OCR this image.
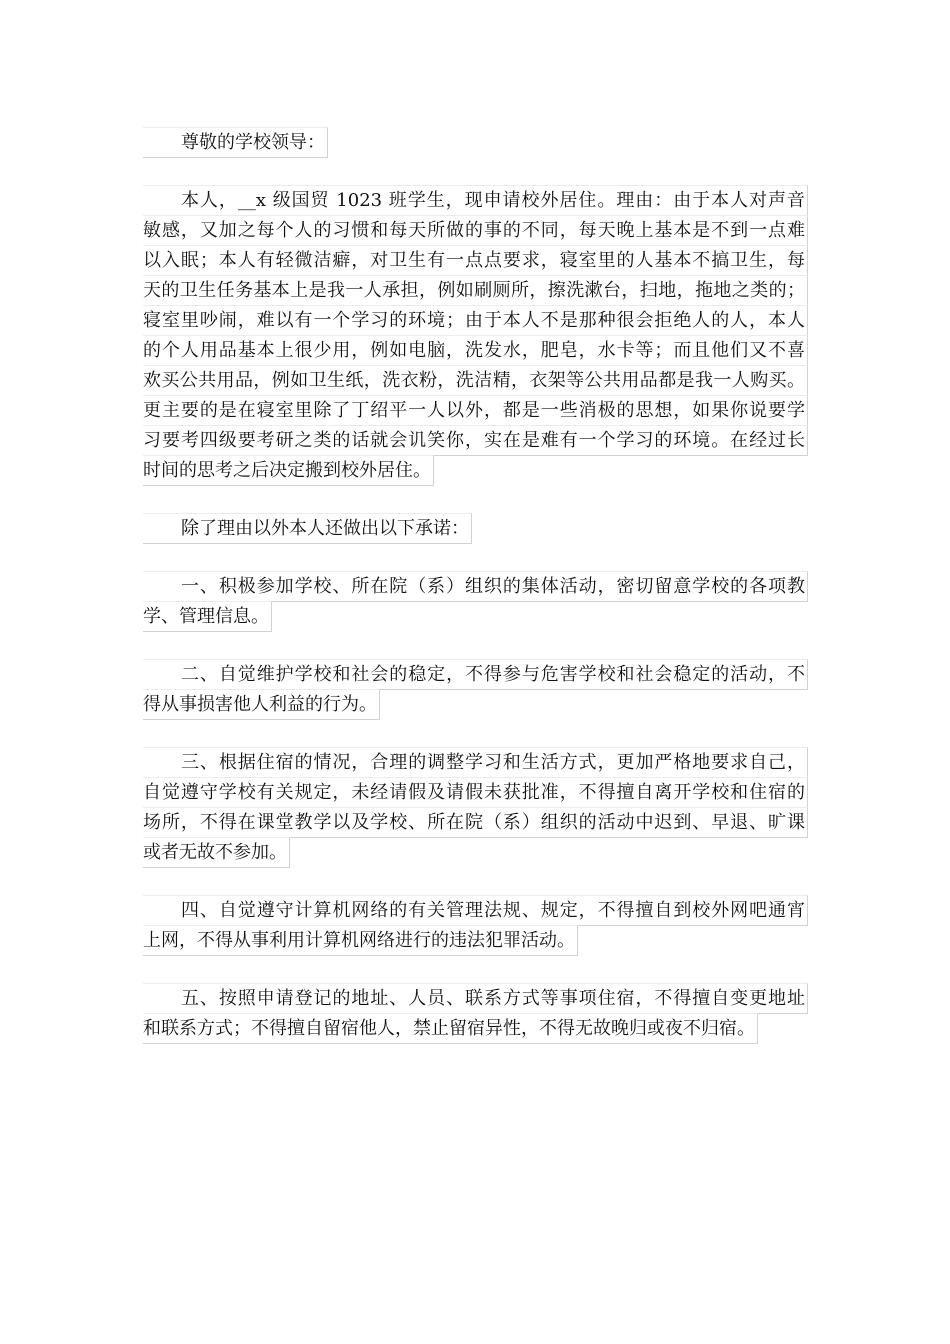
尊敬的学校领导：

本人，__x 级国贸 1023 班学生，现申请校外居住。理由：由于本人对声音
敏感，又加之每个人的习惯和每天所做的事的不同，每天晚上基本是不到一点难
以入眠；本人有轻微洁癖，对卫生有一点点要求，寝室里的人基本不搞卫生，每
天的卫生任务基本上是我一人承担，例如刷厕所，擦洗漱台，扫地，拖地之类的；
寝室里吵闹，难以有一个学习的环境；由于本人不是那种很会拒绝人的人，本人
的个人用品基本上很少用，例如电脑，洗发水，肥皂，水卡等；而且他们又不喜
欢买公共用品，例如卫生纸，洗衣粉，洗洁精，衣架等公共用品都是我一人购买。
更主要的是在寝室里除了丁绍平一人以外，都是一些消极的思想，如果你说要学
习要考四级要考研之类的话就会讥笑你，实在是难有一个学习的环境。在经过长
时间的思考之后决定搬到校外居住。

除了理由以外本人还做出以下承诺：

一、积极参加学校、所在院（系）组织的集体活动，密切留意学校的各项教
学、管理信息。

二、自觉维护学校和社会的稳定，不得参与危害学校和社会稳定的活动，不
得从事损害他人利益的行为。

三、根据住宿的情况，合理的调整学习和生活方式，更加严格地要求自己，
自觉遵守学校有关规定，未经请假及请假未获批准，不得擅自离开学校和住宿的
场所，不得在课堂教学以及学校、所在院（系）组织的活动中迟到、早退、旷课
或者无故不参加。

四、自觉遵守计算机网络的有关管理法规、规定，不得擅自到校外网吧通宵
上网，不得从事利用计算机网络进行的违法犯罪活动。

五、按照申请登记的地址、人员、联系方式等事项住宿，不得擅自变更地址
和联系方式；不得擅自留宿他人，禁止留宿异性，不得无故晚归或夜不归宿。
